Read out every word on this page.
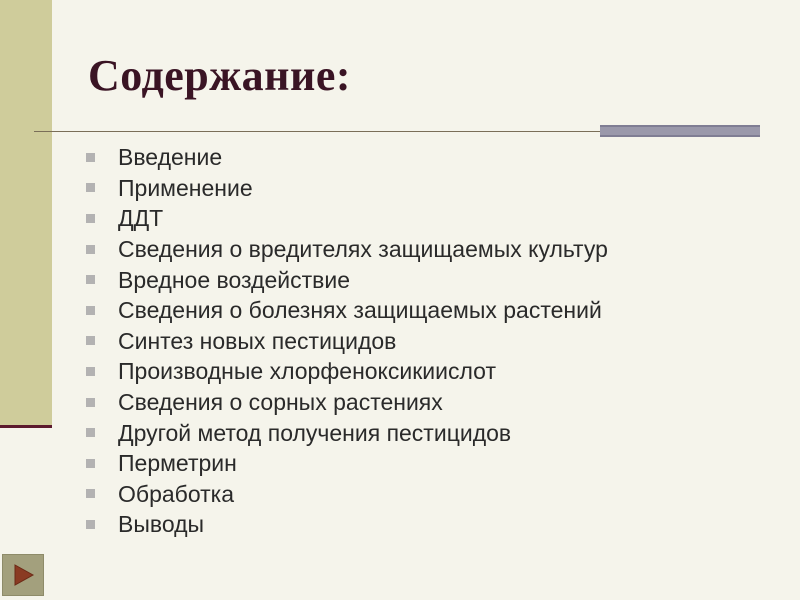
Содержание:
Введение
Применение
ДДТ
Сведения о вредителях защищаемых культур
Вредное воздействие
Сведения о болезнях защищаемых растений
Синтез новых пестицидов
Производные хлорфеноксикиислот
Сведения о сорных растениях
Другой метод получения пестицидов
Перметрин
Обработка
Выводы
